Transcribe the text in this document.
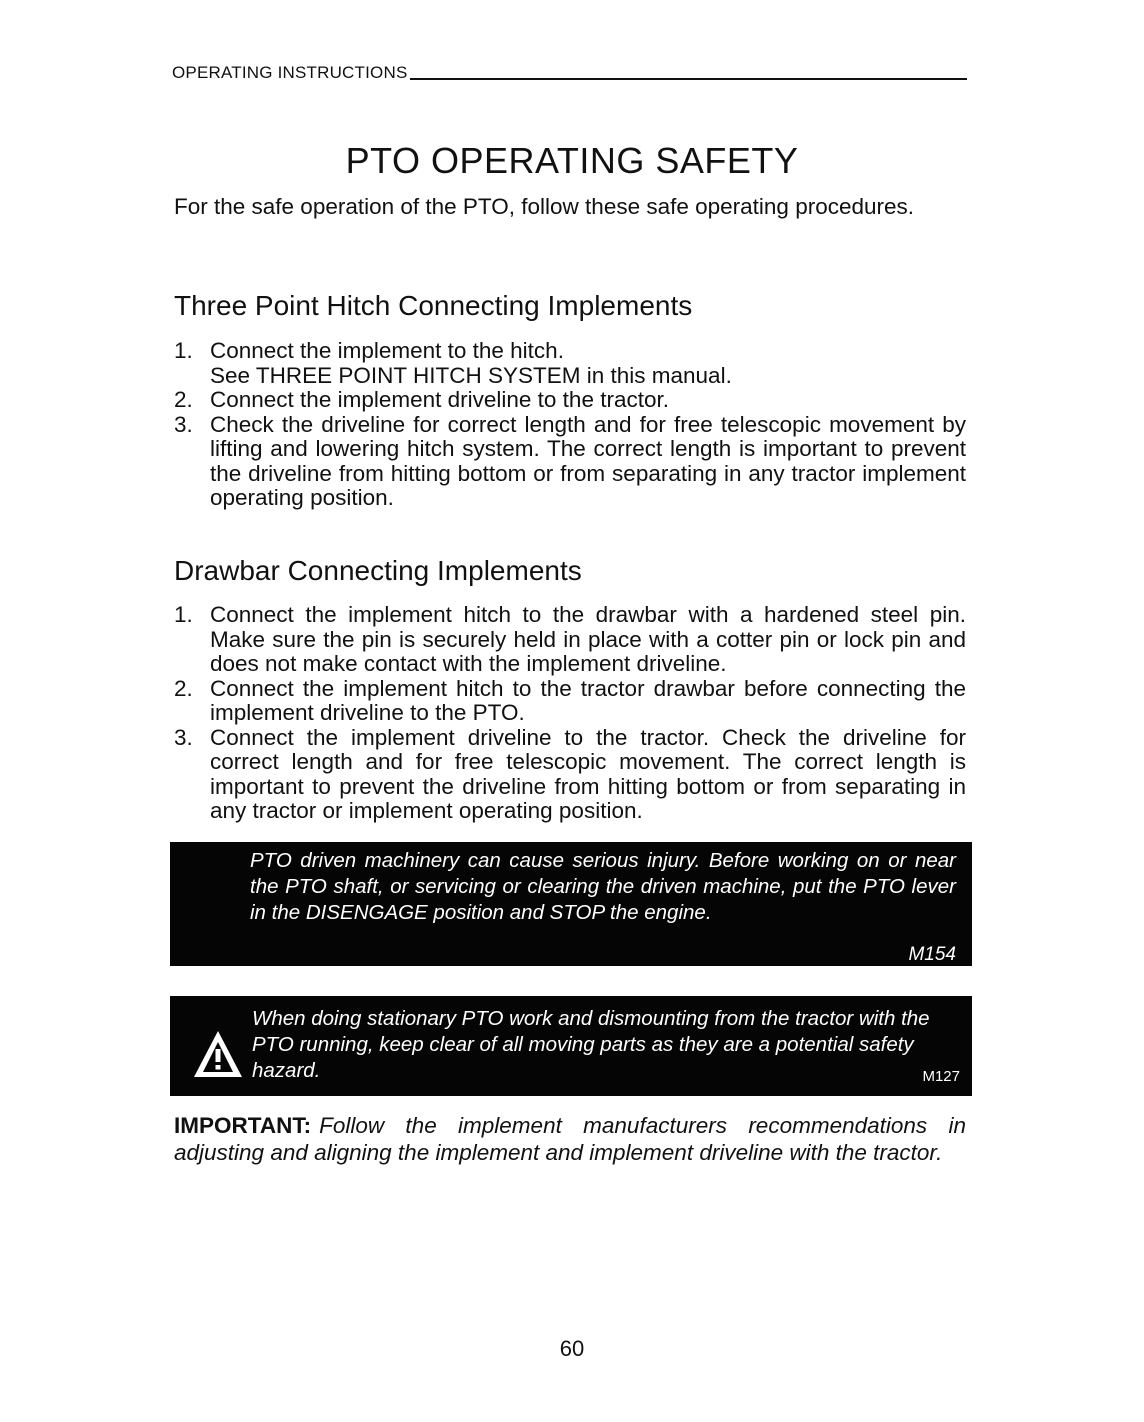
OPERATING INSTRUCTIONS
PTO OPERATING SAFETY
For the safe operation of the PTO, follow these safe operating procedures.
Three Point Hitch Connecting Implements
1. Connect the implement to the hitch.
See THREE POINT HITCH SYSTEM in this manual.
2. Connect the implement driveline to the tractor.
3. Check the driveline for correct length and for free telescopic movement by lifting and lowering hitch system. The correct length is important to prevent the driveline from hitting bottom or from separating in any tractor implement operating position.
Drawbar Connecting Implements
1. Connect the implement hitch to the drawbar with a hardened steel pin. Make sure the pin is securely held in place with a cotter pin or lock pin and does not make contact with the implement driveline.
2. Connect the implement hitch to the tractor drawbar before connecting the implement driveline to the PTO.
3. Connect the implement driveline to the tractor. Check the driveline for correct length and for free telescopic movement. The correct length is important to prevent the driveline from hitting bottom or from separating in any tractor or implement operating position.
PTO driven machinery can cause serious injury. Before working on or near the PTO shaft, or servicing or clearing the driven machine, put the PTO lever in the DISENGAGE position and STOP the engine.
M154
When doing stationary PTO work and dismounting from the tractor with the PTO running, keep clear of all moving parts as they are a potential safety hazard.	M127
IMPORTANT: Follow the implement manufacturers recommendations in adjusting and aligning the implement and implement driveline with the tractor.
60
